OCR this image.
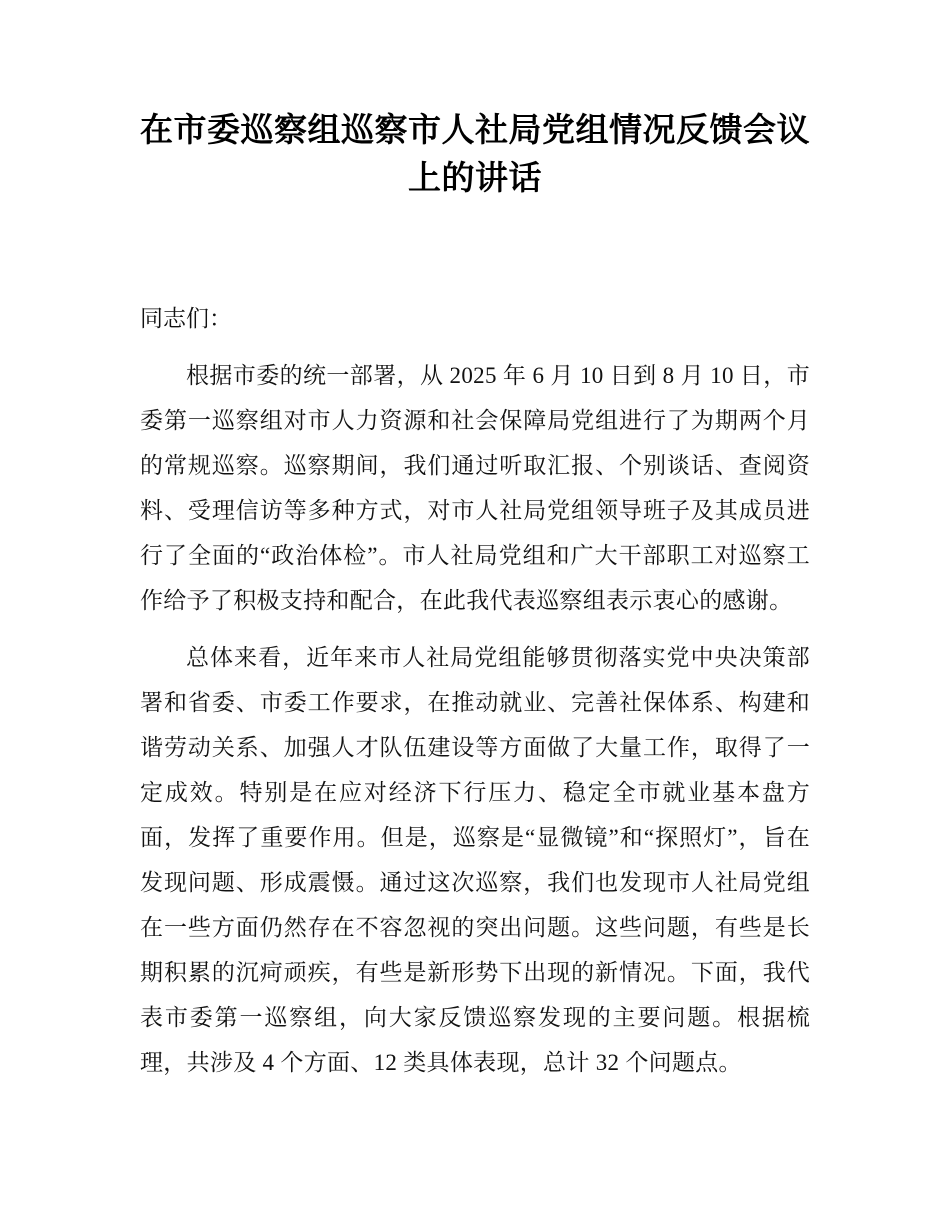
在市委巡察组巡察市人社局党组情况反馈会议上的讲话

同志们：

根据市委的统一部署，从 2025 年 6 月 10 日到 8 月 10 日，市委第一巡察组对市人力资源和社会保障局党组进行了为期两个月的常规巡察。巡察期间，我们通过听取汇报、个别谈话、查阅资料、受理信访等多种方式，对市人社局党组领导班子及其成员进行了全面的“政治体检”。市人社局党组和广大干部职工对巡察工作给予了积极支持和配合，在此我代表巡察组表示衷心的感谢。

总体来看，近年来市人社局党组能够贯彻落实党中央决策部署和省委、市委工作要求，在推动就业、完善社保体系、构建和谐劳动关系、加强人才队伍建设等方面做了大量工作，取得了一定成效。特别是在应对经济下行压力、稳定全市就业基本盘方面，发挥了重要作用。但是，巡察是“显微镜”和“探照灯”，旨在发现问题、形成震慑。通过这次巡察，我们也发现市人社局党组在一些方面仍然存在不容忽视的突出问题。这些问题，有些是长期积累的沉疴顽疾，有些是新形势下出现的新情况。下面，我代表市委第一巡察组，向大家反馈巡察发现的主要问题。根据梳理，共涉及 4 个方面、12 类具体表现，总计 32 个问题点。
